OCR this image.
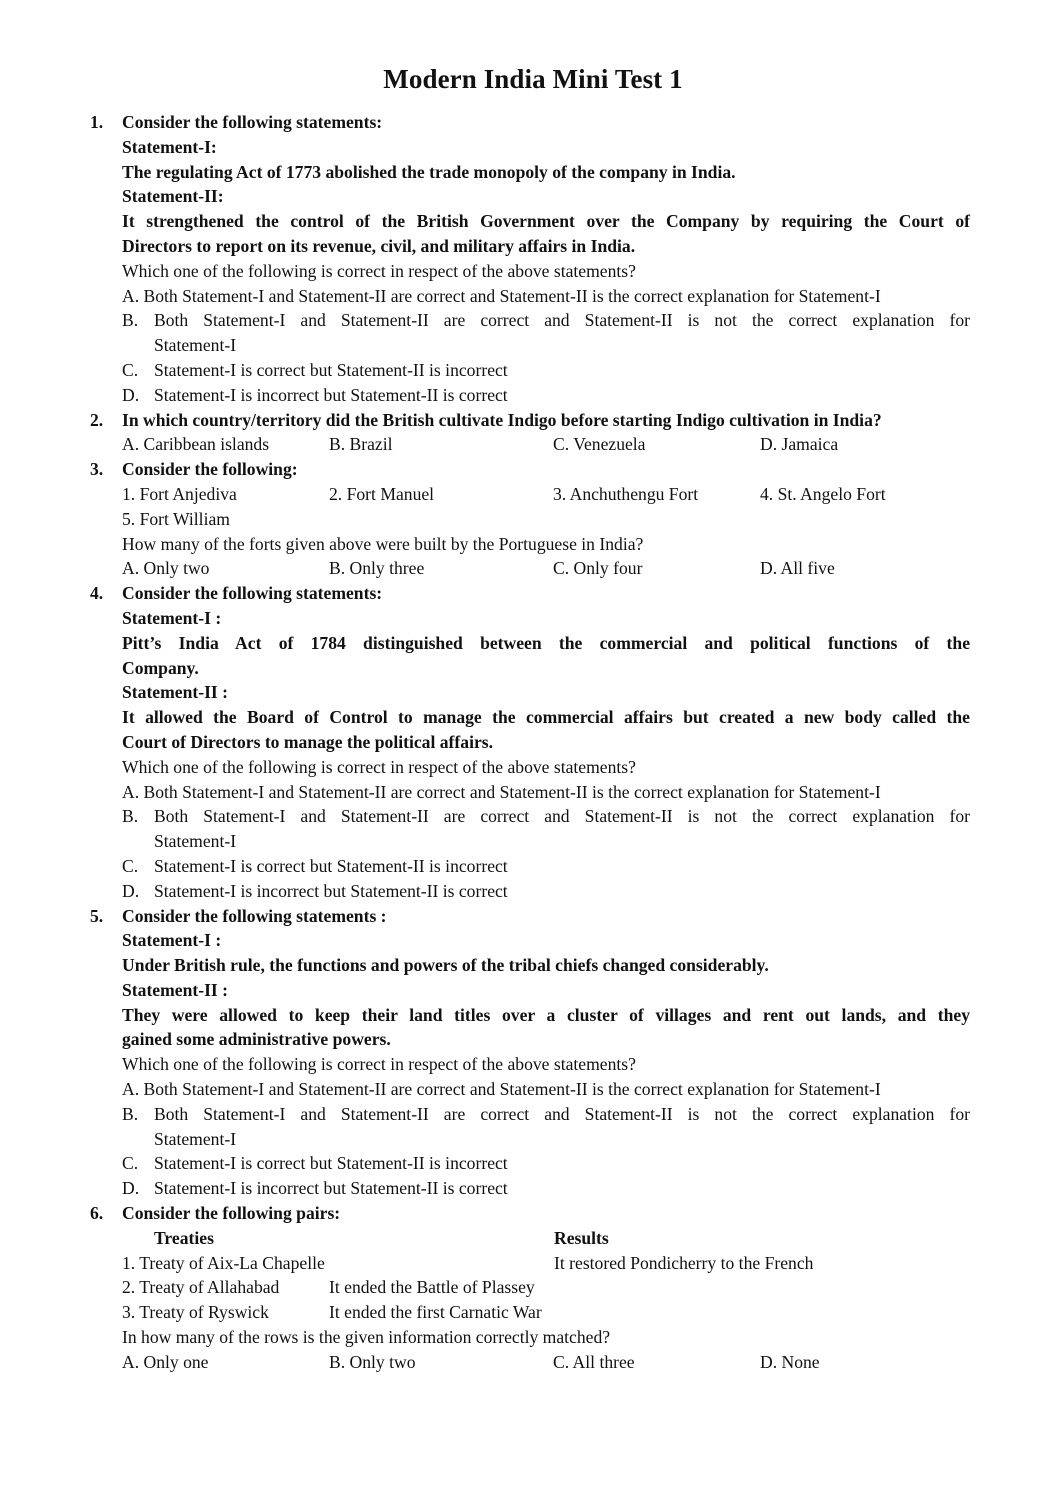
Modern India Mini Test 1
1. Consider the following statements:
Statement-I:
The regulating Act of 1773 abolished the trade monopoly of the company in India.
Statement-II:
It strengthened the control of the British Government over the Company by requiring the Court of
Directors to report on its revenue, civil, and military affairs in India.
Which one of the following is correct in respect of the above statements?
A. Both Statement-I and Statement-II are correct and Statement-II is the correct explanation for Statement-I
B. Both Statement-I and Statement-II are correct and Statement-II is not the correct explanation for
Statement-I
C. Statement-I is correct but Statement-II is incorrect
D. Statement-I is incorrect but Statement-II is correct
2. In which country/territory did the British cultivate Indigo before starting Indigo cultivation in India?
A. Caribbean islands	B. Brazil	C. Venezuela	D. Jamaica
3. Consider the following:
1. Fort Anjediva	2. Fort Manuel	3. Anchuthengu Fort	4. St. Angelo Fort
5. Fort William
How many of the forts given above were built by the Portuguese in India?
A. Only two	B. Only three	C. Only four	D. All five
4. Consider the following statements:
Statement-I :
Pitt’s India Act of 1784 distinguished between the commercial and political functions of the
Company.
Statement-II :
It allowed the Board of Control to manage the commercial affairs but created a new body called the
Court of Directors to manage the political affairs.
Which one of the following is correct in respect of the above statements?
A. Both Statement-I and Statement-II are correct and Statement-II is the correct explanation for Statement-I
B. Both Statement-I and Statement-II are correct and Statement-II is not the correct explanation for
Statement-I
C. Statement-I is correct but Statement-II is incorrect
D. Statement-I is incorrect but Statement-II is correct
5. Consider the following statements :
Statement-I :
Under British rule, the functions and powers of the tribal chiefs changed considerably.
Statement-II :
They were allowed to keep their land titles over a cluster of villages and rent out lands, and they
gained some administrative powers.
Which one of the following is correct in respect of the above statements?
A. Both Statement-I and Statement-II are correct and Statement-II is the correct explanation for Statement-I
B. Both Statement-I and Statement-II are correct and Statement-II is not the correct explanation for
Statement-I
C. Statement-I is correct but Statement-II is incorrect
D. Statement-I is incorrect but Statement-II is correct
6. Consider the following pairs:
Treaties	Results
1. Treaty of Aix-La Chapelle	It restored Pondicherry to the French
2. Treaty of Allahabad	It ended the Battle of Plassey
3. Treaty of Ryswick	It ended the first Carnatic War
In how many of the rows is the given information correctly matched?
A. Only one	B. Only two	C. All three	D. None
